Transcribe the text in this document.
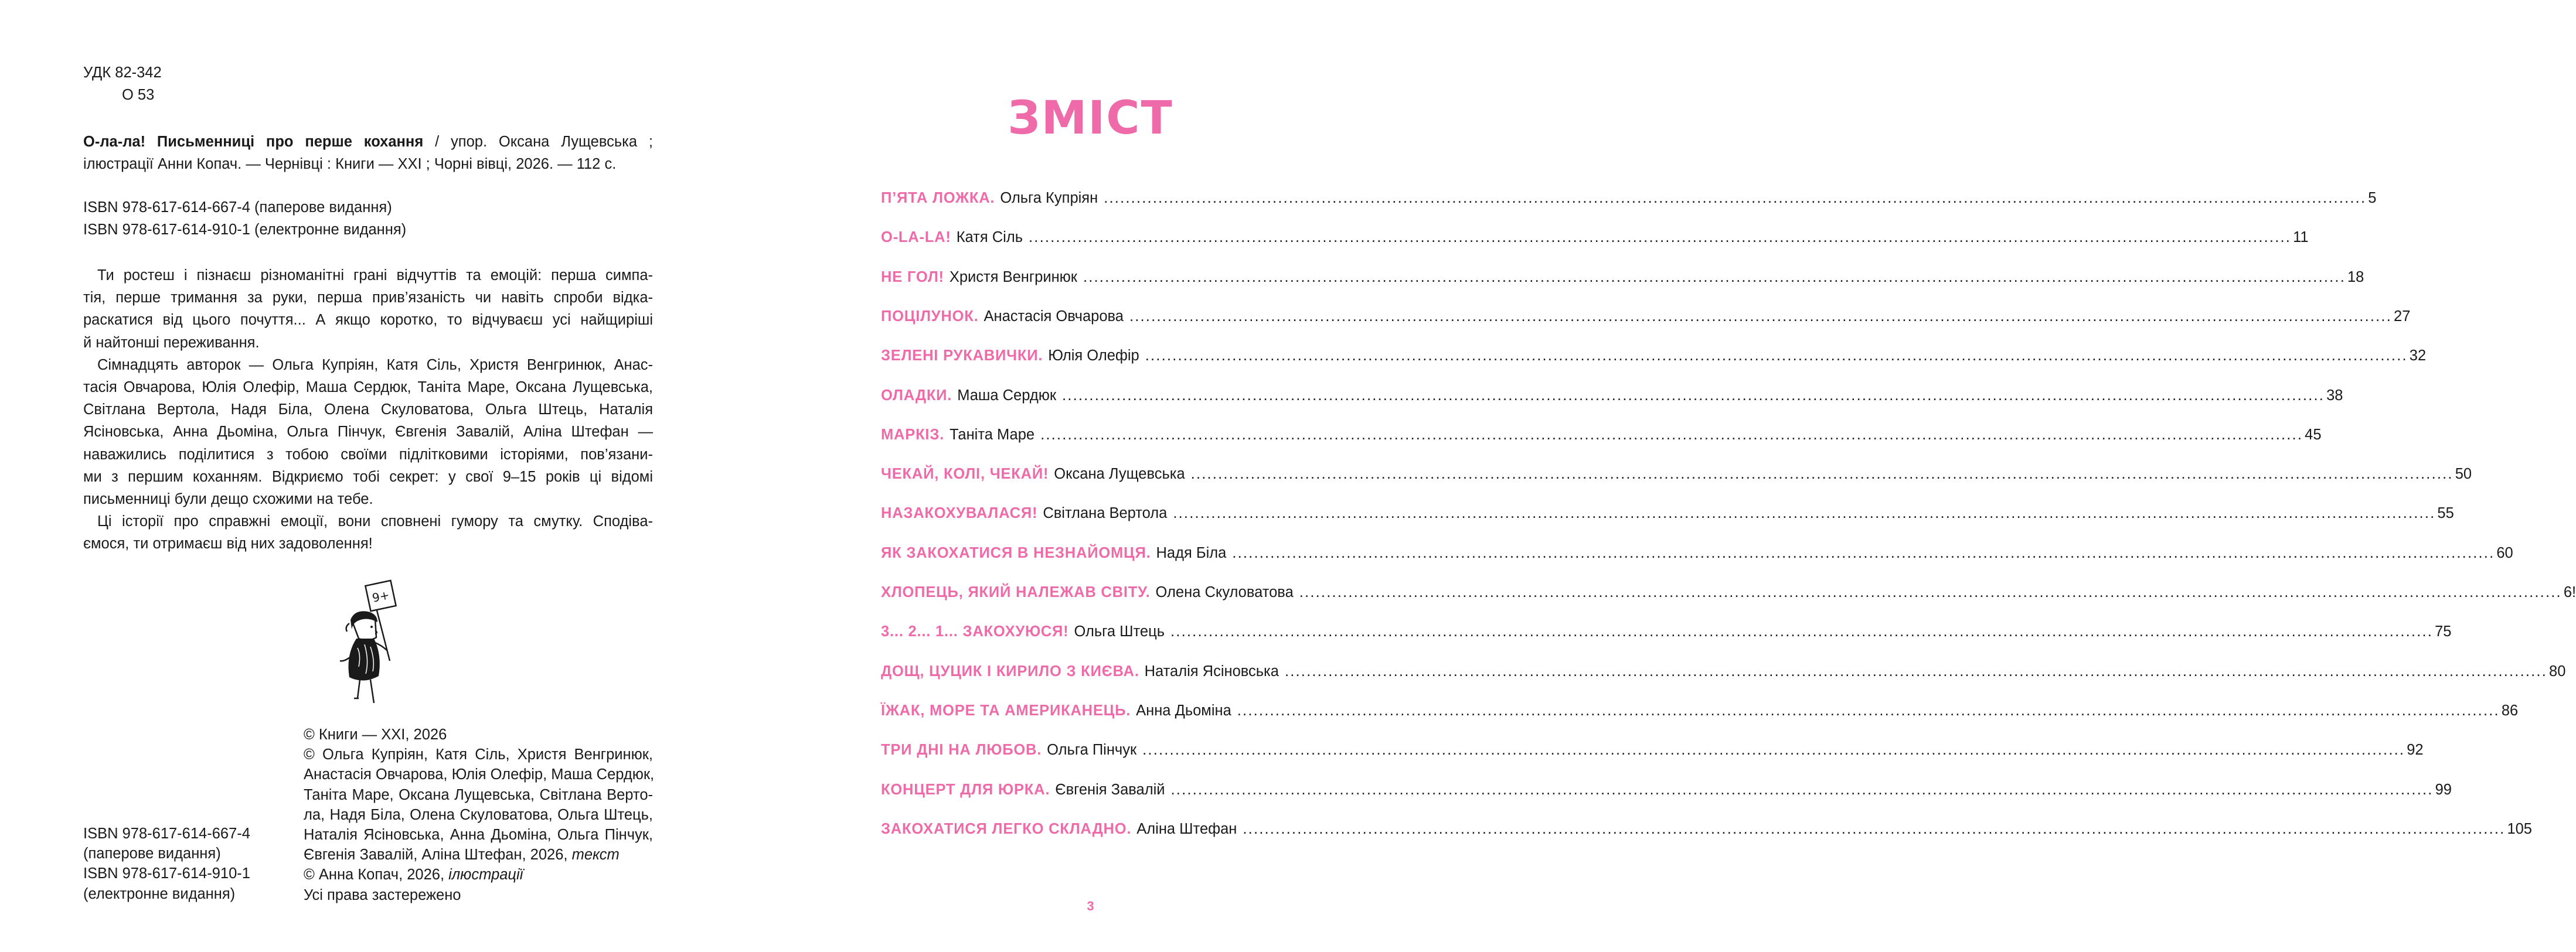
УДК 82-342
О 53
О-ла-ла! Письменниці про перше кохання / упор. Оксана Лущевська ;
ілюстрації Анни Копач. — Чернівці : Книги — XXI ; Чорні вівці, 2026. — 112 с.
ISBN 978-617-614-667-4 (паперове видання)
ISBN 978-617-614-910-1 (електронне видання)
Ти ростеш і пізнаєш різноманітні грані відчуттів та емоцій: перша симпа-
тія, перше тримання за руки, перша прив’язаність чи навіть спроби відка-
раскатися від цього почуття... А якщо коротко, то відчуваєш усі найщиріші
й найтонші переживання.
Сімнадцять авторок — Ольга Купріян, Катя Сіль, Христя Венгринюк, Анас-
тасія Овчарова, Юлія Олефір, Маша Сердюк, Таніта Маре, Оксана Лущевська,
Світлана Вертола, Надя Біла, Олена Скуловатова, Ольга Штець, Наталія
Ясіновська, Анна Дьоміна, Ольга Пінчук, Євгенія Завалій, Аліна Штефан —
наважились поділитися з тобою своїми підлітковими історіями, пов’язани-
ми з першим коханням. Відкриємо тобі секрет: у свої 9–15 років ці відомі
письменниці були дещо схожими на тебе.
Ці історії про справжні емоції, вони сповнені гумору та смутку. Сподіва-
ємося, ти отримаєш від них задоволення!
9+
© Книги — XXI, 2026
© Ольга Купріян, Катя Сіль, Христя Венгринюк,
Анастасія Овчарова, Юлія Олефір, Маша Сердюк,
Таніта Маре, Оксана Лущевська, Світлана Верто-
ла, Надя Біла, Олена Скуловатова, Ольга Штець,
Наталія Ясіновська, Анна Дьоміна, Ольга Пінчук,
Євгенія Завалій, Аліна Штефан, 2026, текст
© Анна Копач, 2026, ілюстрації
Усі права застережено
ISBN 978-617-614-667-4
(паперове видання)
ISBN 978-617-614-910-1
(електронне видання)
ЗМІСТ
П’ЯТА ЛОЖКА. Ольга Купріян .....	5
O-LA-LA! Катя Сіль .....	11
НЕ ГОЛ! Христя Венгринюк .....	18
ПОЦІЛУНОК. Анастасія Овчарова .....	27
ЗЕЛЕНІ РУКАВИЧКИ. Юлія Олефір .....	32
ОЛАДКИ. Маша Сердюк .....	38
МАРКІЗ. Таніта Маре .....	45
ЧЕКАЙ, КОЛІ, ЧЕКАЙ! Оксана Лущевська .....	50
НАЗАКОХУВАЛАСЯ! Світлана Вертола .....	55
ЯК ЗАКОХАТИСЯ В НЕЗНАЙОМЦЯ. Надя Біла .....	60
ХЛОПЕЦЬ, ЯКИЙ НАЛЕЖАВ СВІТУ. Олена Скуловатова .....	6!
3... 2... 1... ЗАКОХУЮСЯ! Ольга Штець .....	75
ДОЩ, ЦУЦИК І КИРИЛО З КИЄВА. Наталія Ясіновська .....	80
ЇЖАК, МОРЕ ТА АМЕРИКАНЕЦЬ. Анна Дьоміна .....	86
ТРИ ДНІ НА ЛЮБОВ. Ольга Пінчук .....	92
КОНЦЕРТ ДЛЯ ЮРКА. Євгенія Завалій .....	99
ЗАКОХАТИСЯ ЛЕГКО СКЛАДНО. Аліна Штефан .....	105
3
